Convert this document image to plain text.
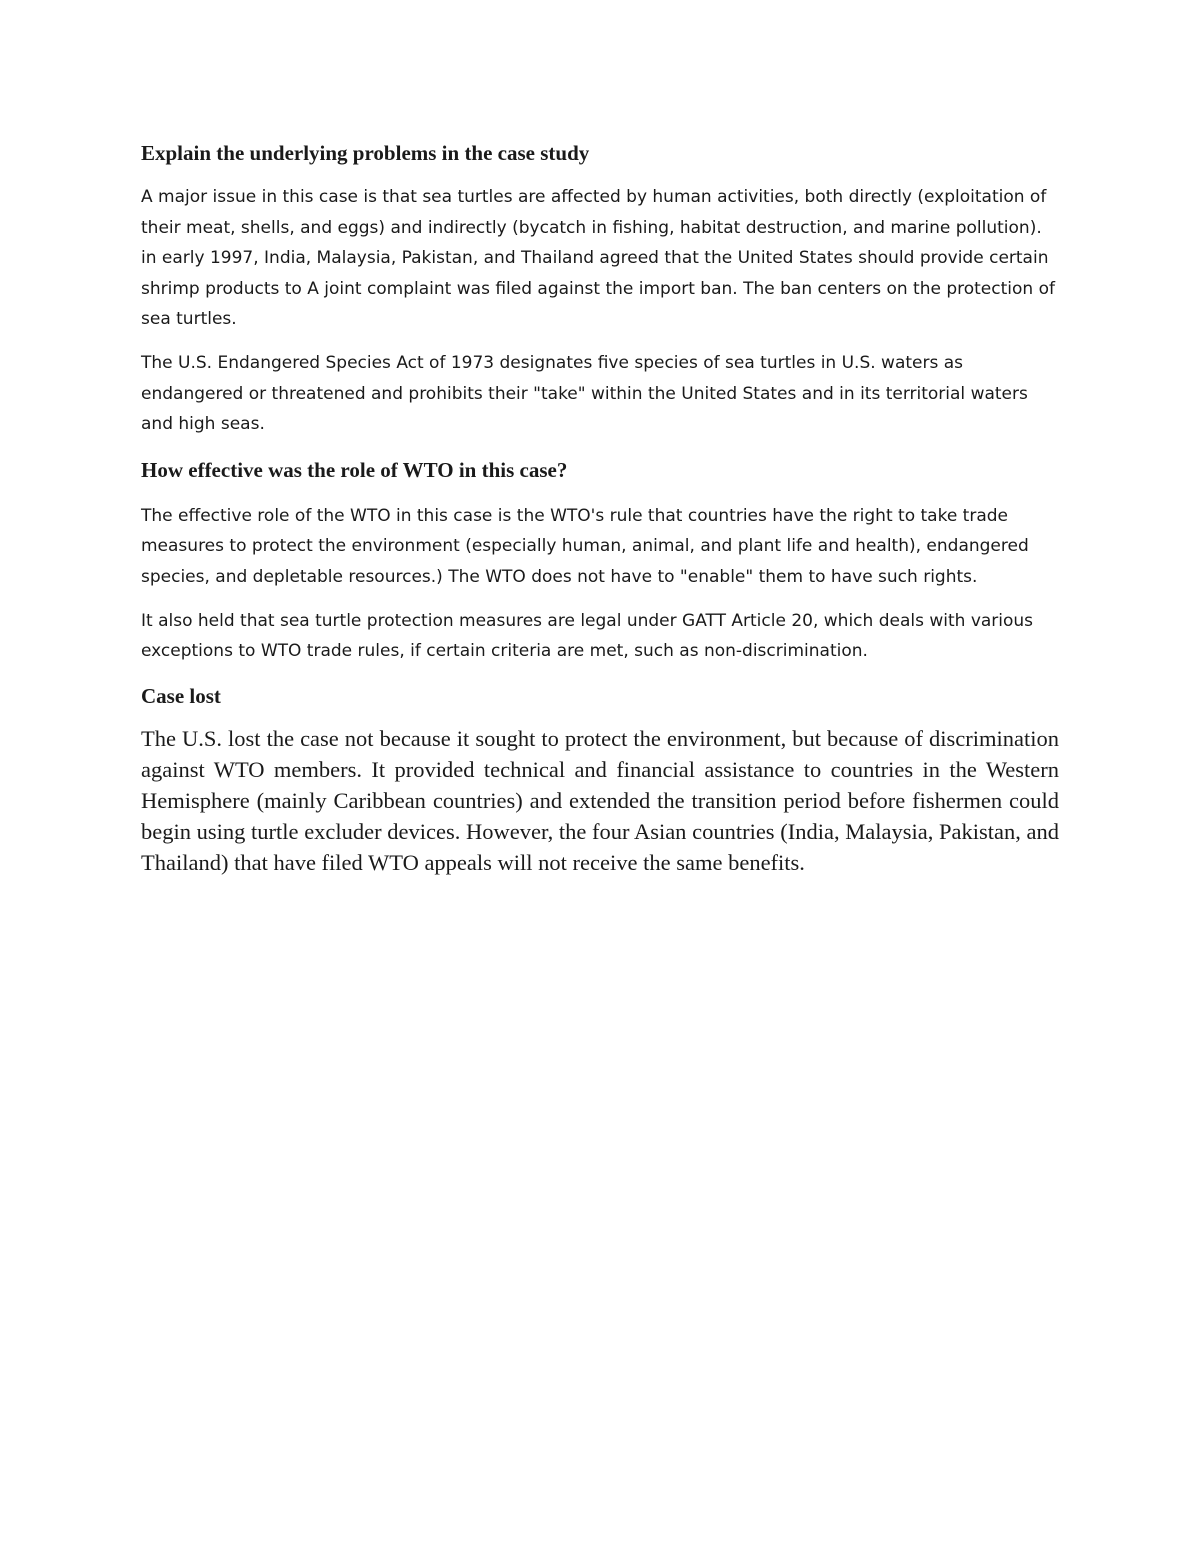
Explain the underlying problems in the case study

A major issue in this case is that sea turtles are affected by human activities, both directly (exploitation of their meat, shells, and eggs) and indirectly (bycatch in fishing, habitat destruction, and marine pollution). in early 1997, India, Malaysia, Pakistan, and Thailand agreed that the United States should provide certain shrimp products to A joint complaint was filed against the import ban. The ban centers on the protection of sea turtles.

The U.S. Endangered Species Act of 1973 designates five species of sea turtles in U.S. waters as endangered or threatened and prohibits their "take" within the United States and in its territorial waters and high seas.

How effective was the role of WTO in this case?

The effective role of the WTO in this case is the WTO's rule that countries have the right to take trade measures to protect the environment (especially human, animal, and plant life and health), endangered species, and depletable resources.) The WTO does not have to "enable" them to have such rights.

It also held that sea turtle protection measures are legal under GATT Article 20, which deals with various exceptions to WTO trade rules, if certain criteria are met, such as non-discrimination.

Case lost

The U.S. lost the case not because it sought to protect the environment, but because of discrimination against WTO members. It provided technical and financial assistance to countries in the Western Hemisphere (mainly Caribbean countries) and extended the transition period before fishermen could begin using turtle excluder devices. However, the four Asian countries (India, Malaysia, Pakistan, and Thailand) that have filed WTO appeals will not receive the same benefits.
